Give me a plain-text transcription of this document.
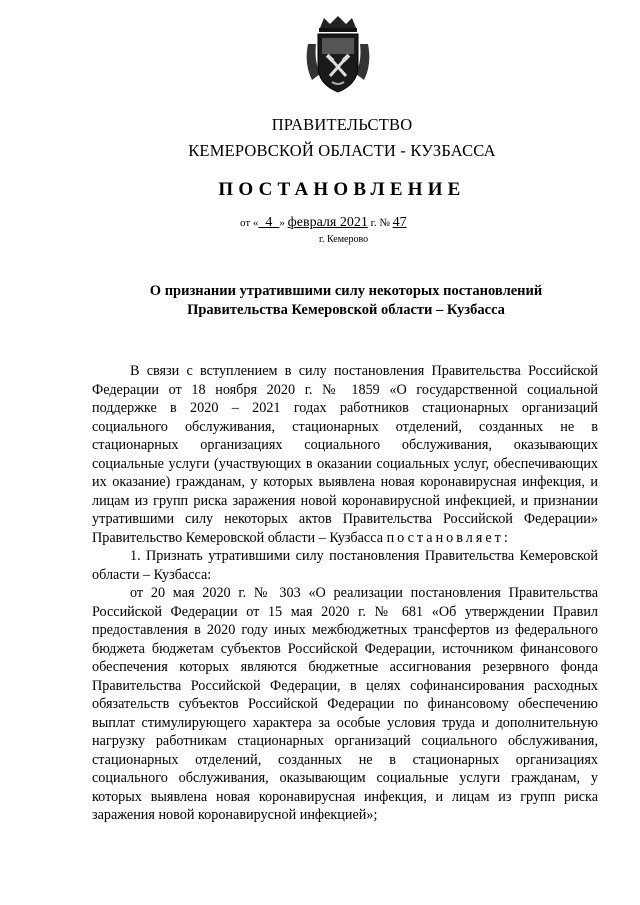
ПРАВИТЕЛЬСТВО
КЕМЕРОВСКОЙ ОБЛАСТИ - КУЗБАССА
ПОСТАНОВЛЕНИЕ
от « 4 » февраля 2021 г. № 47
г. Кемерово
О признании утратившими силу некоторых постановлений Правительства Кемеровской области – Кузбасса

В связи с вступлением в силу постановления Правительства Российской Федерации от 18 ноября 2020 г. № 1859 «О государственной социальной поддержке в 2020 – 2021 годах работников стационарных организаций социального обслуживания, стационарных отделений, созданных не в стационарных организациях социального обслуживания, оказывающих социальные услуги (участвующих в оказании социальных услуг, обеспечивающих их оказание) гражданам, у которых выявлена новая коронавирусная инфекция, и лицам из групп риска заражения новой коронавирусной инфекцией, и признании утратившими силу некоторых актов Правительства Российской Федерации» Правительство Кемеровской области – Кузбасса постановляет:

1. Признать утратившими силу постановления Правительства Кемеровской области – Кузбасса:

от 20 мая 2020 г. № 303 «О реализации постановления Правительства Российской Федерации от 15 мая 2020 г. № 681 «Об утверждении Правил предоставления в 2020 году иных межбюджетных трансфертов из федерального бюджета бюджетам субъектов Российской Федерации, источником финансового обеспечения которых являются бюджетные ассигнования резервного фонда Правительства Российской Федерации, в целях софинансирования расходных обязательств субъектов Российской Федерации по финансовому обеспечению выплат стимулирующего характера за особые условия труда и дополнительную нагрузку работникам стационарных организаций социального обслуживания, стационарных отделений, созданных не в стационарных организациях социального обслуживания, оказывающим социальные услуги гражданам, у которых выявлена новая коронавирусная инфекция, и лицам из групп риска заражения новой коронавирусной инфекцией»;
